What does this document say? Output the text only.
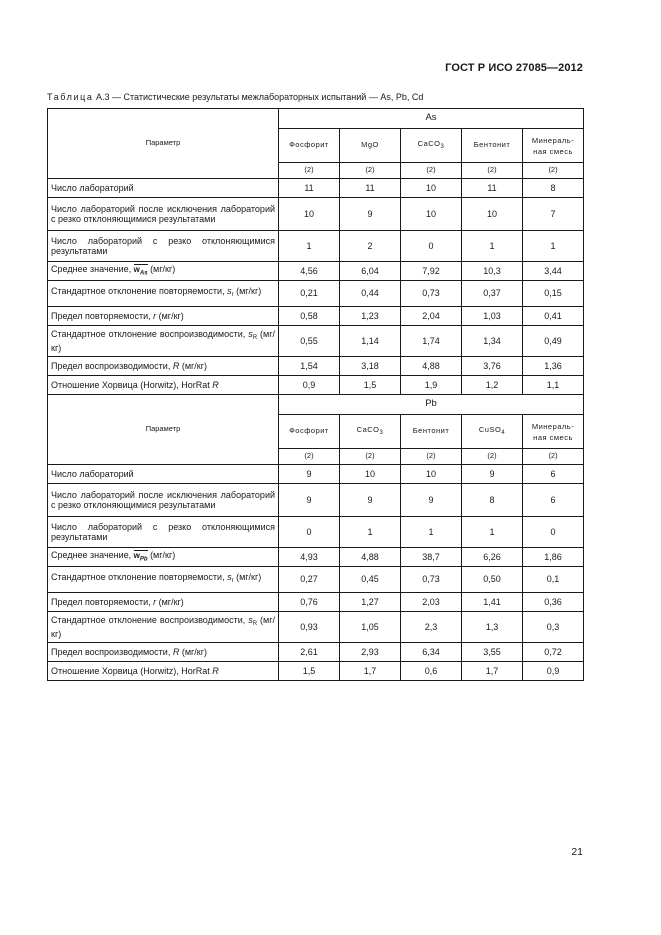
ГОСТ Р ИСО 27085—2012
Таблица А.3 — Статистические результаты межлабораторных испытаний — As, Pb, Cd
Параметр	As				
	Фосфорит	MgO	CaCO$_3$	Бентонит	Минераль-
ная смесь
	(2)	(2)	(2)	(2)	(2)
Число лабораторий	11	11	10	11	8
Число лабораторий после исключения лабораторий с резко отклоняющимися результатами	10	9	10	10	7
Число лабораторий с резко отклоняющимися результатами	1	2	0	1	1
Среднее значение, $w_{As}$ (мг/кг)	4,56	6,04	7,92	10,3	3,44
Стандартное отклонение повторяемости, $s_r$ (мг/кг)	0,21	0,44	0,73	0,37	0,15
Предел повторяемости, r (мг/кг)	0,58	1,23	2,04	1,03	0,41
Стандартное отклонение воспроизводимости, $s_R$ (мг/кг)	0,55	1,14	1,74	1,34	0,49
Предел воспроизводимости, R (мг/кг)	1,54	3,18	4,88	3,76	1,36
Отношение Хорвица (Horwitz), HorRat R	0,9	1,5	1,9	1,2	1,1
Параметр	Pb				
	Фосфорит	CaCO$_3$	Бентонит	CuSO$_4$	Минераль-
ная смесь
	(2)	(2)	(2)	(2)	(2)
Число лабораторий	9	10	10	9	6
Число лабораторий после исключения лабораторий с резко отклоняющимися результатами	9	9	9	8	6
Число лабораторий с резко отклоняющимися результатами	0	1	1	1	0
Среднее значение, $w_{Pb}$ (мг/кг)	4,93	4,88	38,7	6,26	1,86
Стандартное отклонение повторяемости, $s_r$ (мг/кг)	0,27	0,45	0,73	0,50	0,1
Предел повторяемости, r (мг/кг)	0,76	1,27	2,03	1,41	0,36
Стандартное отклонение воспроизводимости, $s_R$ (мг/кг)	0,93	1,05	2,3	1,3	0,3
Предел воспроизводимости, R (мг/кг)	2,61	2,93	6,34	3,55	0,72
Отношение Хорвица (Horwitz), HorRat R	1,5	1,7	0,6	1,7	0,9
21
